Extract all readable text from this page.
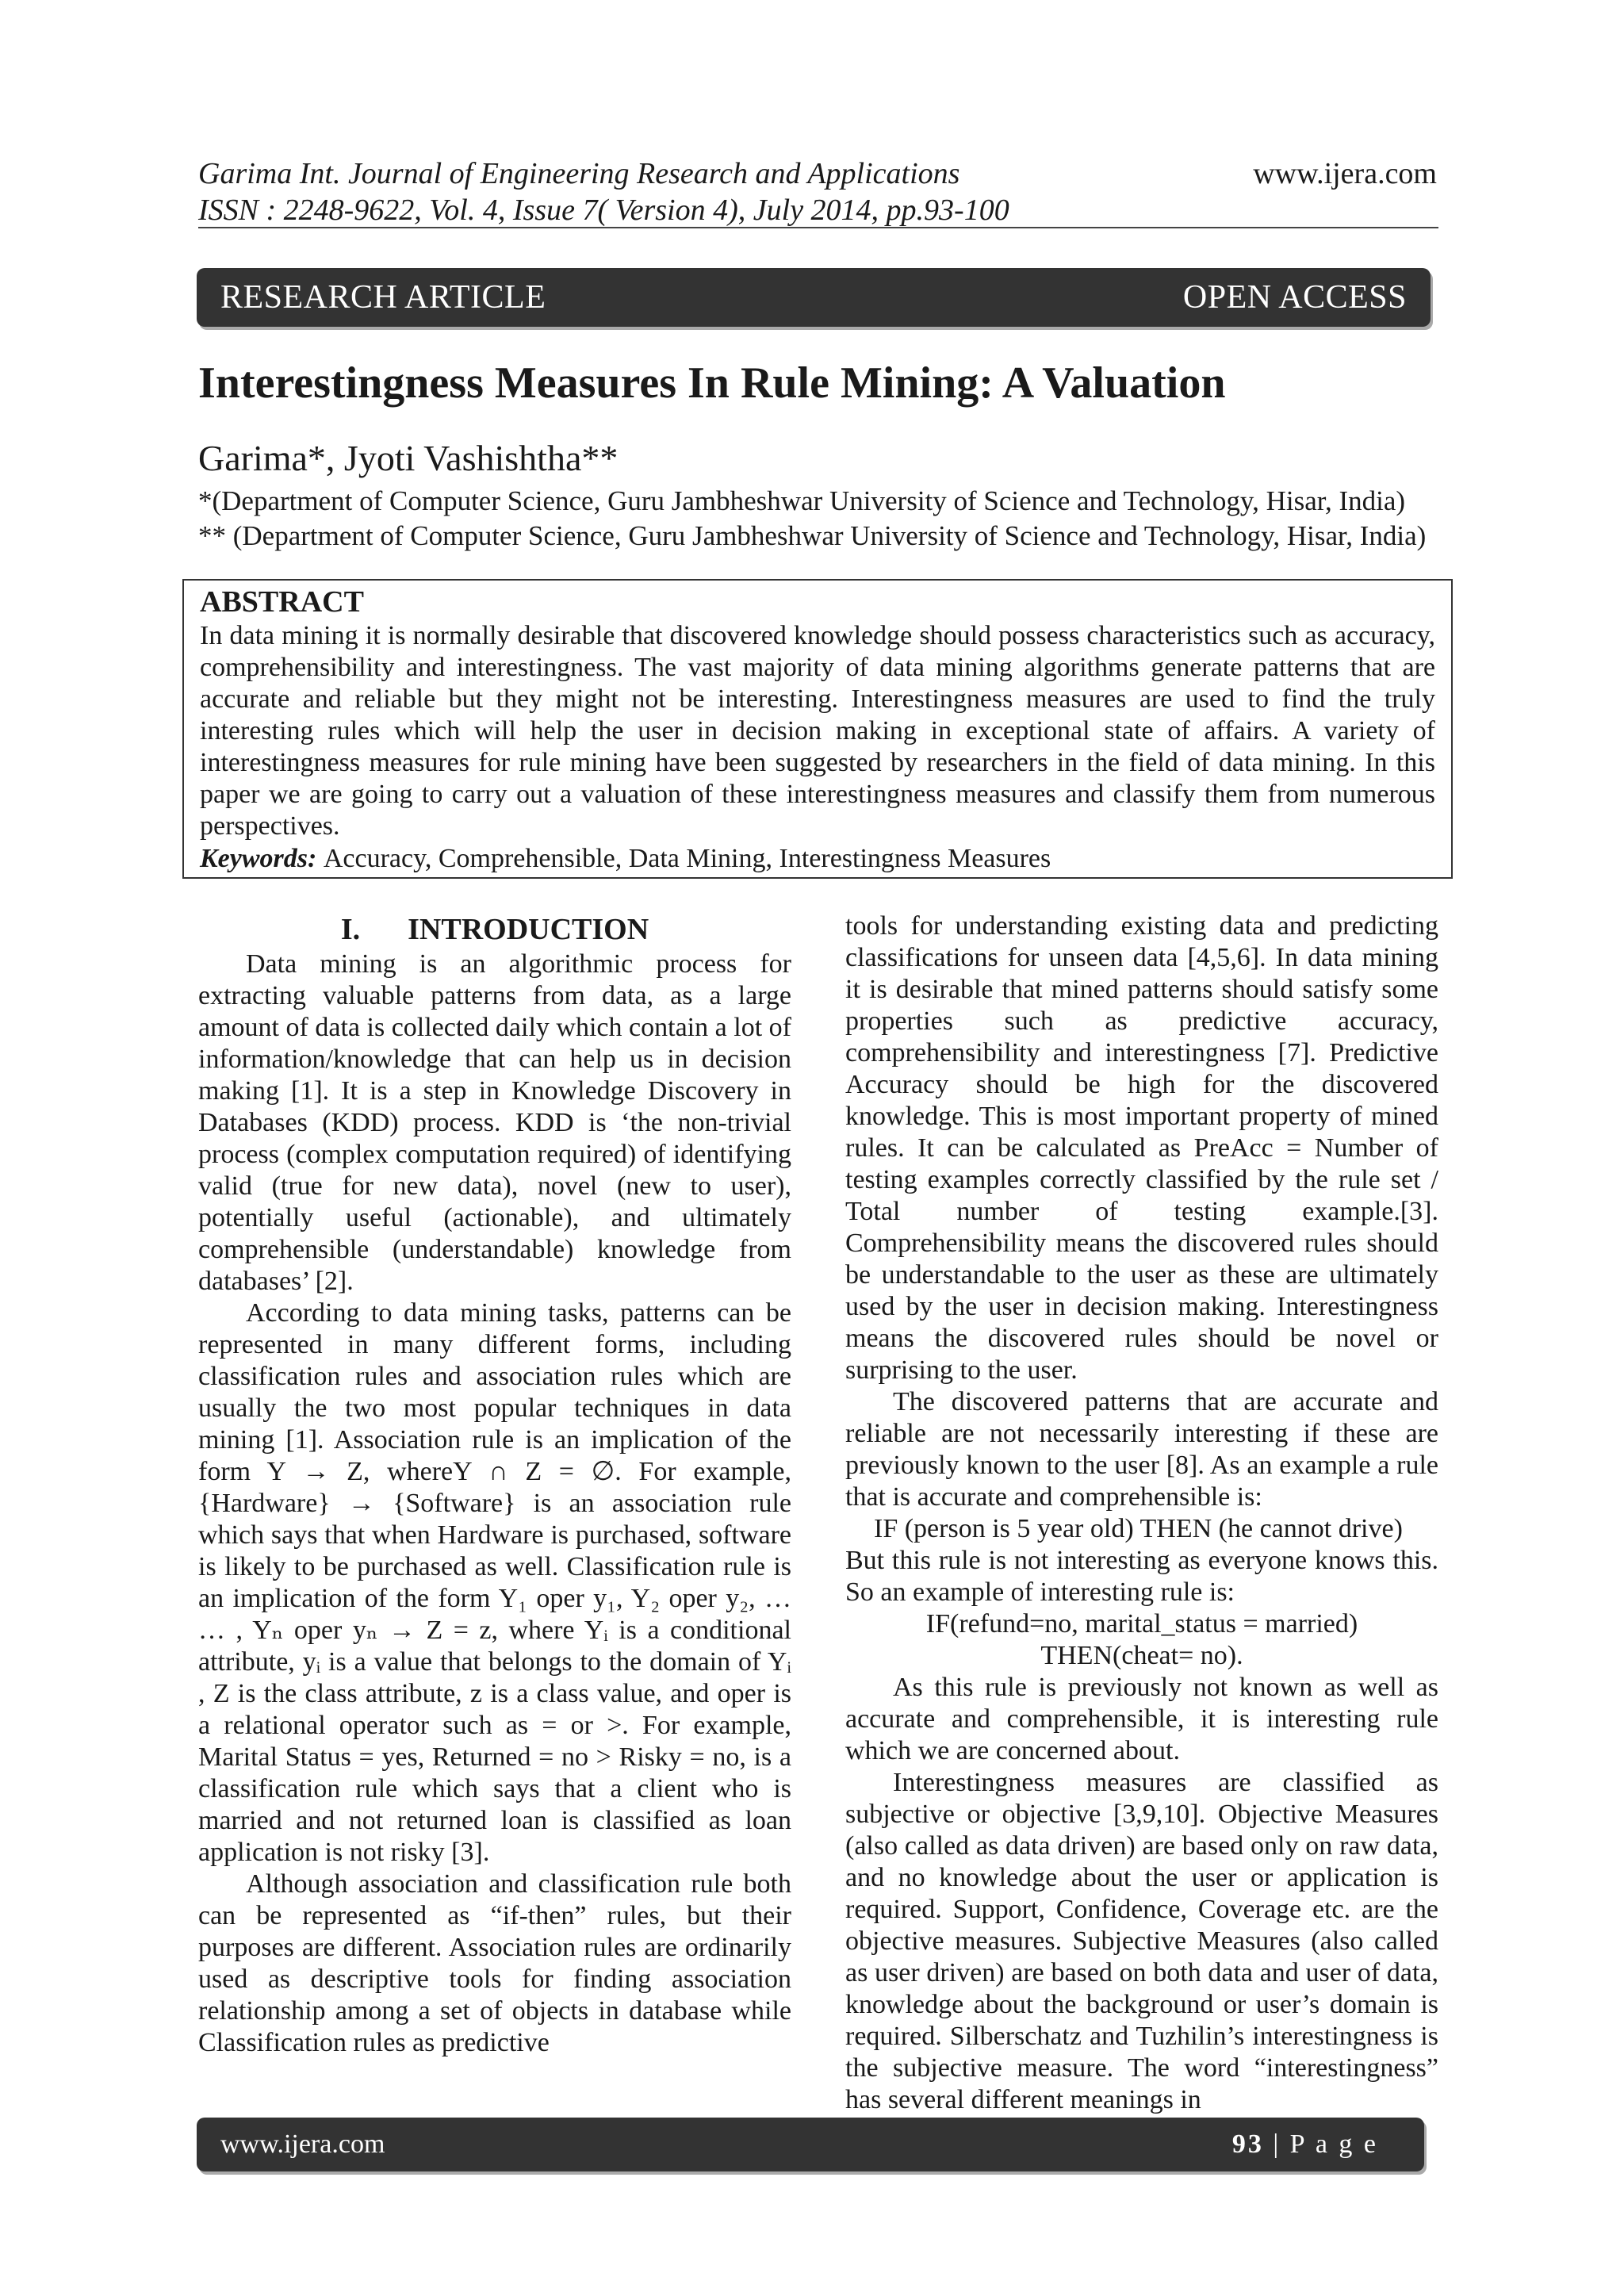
Garima Int. Journal of Engineering Research and Applications
ISSN : 2248-9622, Vol. 4, Issue 7( Version 4), July 2014, pp.93-100
www.ijera.com
RESEARCH ARTICLE	OPEN ACCESS
Interestingness Measures In Rule Mining: A Valuation
Garima*, Jyoti Vashishtha**
*(Department of Computer Science, Guru Jambheshwar University of Science and Technology, Hisar, India)
** (Department of Computer Science, Guru Jambheshwar University of Science and Technology, Hisar, India)
ABSTRACT
In data mining it is normally desirable that discovered knowledge should possess characteristics such as accuracy, comprehensibility and interestingness. The vast majority of data mining algorithms generate patterns that are accurate and reliable but they might not be interesting. Interestingness measures are used to find the truly interesting rules which will help the user in decision making in exceptional state of affairs. A variety of interestingness measures for rule mining have been suggested by researchers in the field of data mining. In this paper we are going to carry out a valuation of these interestingness measures and classify them from numerous perspectives.
Keywords: Accuracy, Comprehensible, Data Mining, Interestingness Measures
I. INTRODUCTION

Data mining is an algorithmic process for extracting valuable patterns from data, as a large amount of data is collected daily which contain a lot of information/knowledge that can help us in decision making [1]. It is a step in Knowledge Discovery in Databases (KDD) process. KDD is ‘the non-trivial process (complex computation required) of identifying valid (true for new data), novel (new to user), potentially useful (actionable), and ultimately comprehensible (understandable) knowledge from databases’ [2].

According to data mining tasks, patterns can be represented in many different forms, including classification rules and association rules which are usually the two most popular techniques in data mining [1]. Association rule is an implication of the form Y → Z, whereY ∩ Z = ∅. For example, {Hardware} → {Software} is an association rule which says that when Hardware is purchased, software is likely to be purchased as well. Classification rule is an implication of the form Y₁ oper y₁, Y₂ oper y₂, … … , Yₙ oper yₙ → Z = z, where Yᵢ is a conditional attribute, yᵢ is a value that belongs to the domain of Yᵢ , Z is the class attribute, z is a class value, and oper is a relational operator such as = or >. For example, Marital Status = yes, Returned = no > Risky = no, is a classification rule which says that a client who is married and not returned loan is classified as loan application is not risky [3].

Although association and classification rule both can be represented as “if-then” rules, but their purposes are different. Association rules are ordinarily used as descriptive tools for finding association relationship among a set of objects in database while Classification rules as predictive

tools for understanding existing data and predicting classifications for unseen data [4,5,6]. In data mining it is desirable that mined patterns should satisfy some properties such as predictive accuracy, comprehensibility and interestingness [7]. Predictive Accuracy should be high for the discovered knowledge. This is most important property of mined rules. It can be calculated as PreAcc = Number of testing examples correctly classified by the rule set / Total number of testing example.[3]. Comprehensibility means the discovered rules should be understandable to the user as these are ultimately used by the user in decision making. Interestingness means the discovered rules should be novel or surprising to the user.

The discovered patterns that are accurate and reliable are not necessarily interesting if these are previously known to the user [8]. As an example a rule that is accurate and comprehensible is:

IF (person is 5 year old) THEN (he cannot drive)

But this rule is not interesting as everyone knows this. So an example of interesting rule is:

IF(refund=no, marital_status = married)

THEN(cheat= no).

As this rule is previously not known as well as accurate and comprehensible, it is interesting rule which we are concerned about.

Interestingness measures are classified as subjective or objective [3,9,10]. Objective Measures (also called as data driven) are based only on raw data, and no knowledge about the user or application is required. Support, Confidence, Coverage etc. are the objective measures. Subjective Measures (also called as user driven) are based on both data and user of data, knowledge about the background or user’s domain is required. Silberschatz and Tuzhilin’s interestingness is the subjective measure. The word “interestingness” has several different meanings in

www.ijera.com	93 | P a g e
